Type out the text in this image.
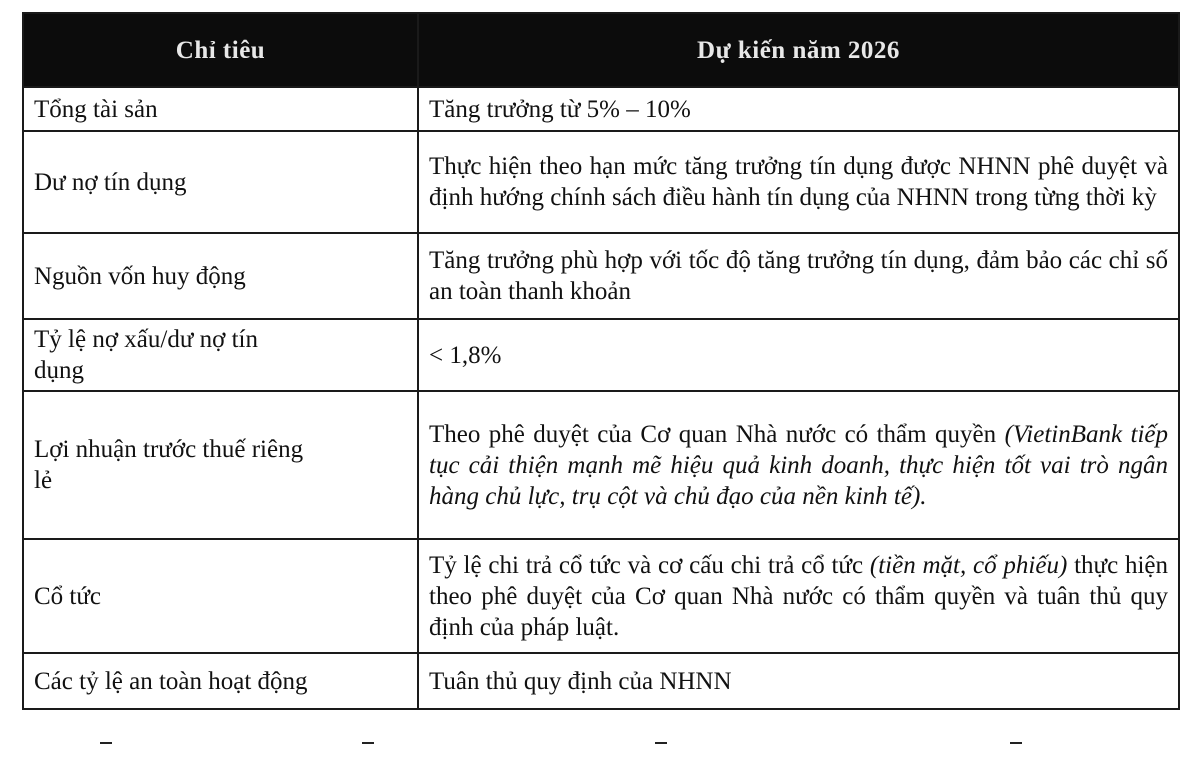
Chỉ tiêu	Dự kiến năm 2026
Tổng tài sản	Tăng trưởng từ 5% – 10%
Dư nợ tín dụng	Thực hiện theo hạn mức tăng trưởng tín dụng được NHNN phê duyệt và định hướng chính sách điều hành tín dụng của NHNN trong từng thời kỳ
Nguồn vốn huy động	Tăng trưởng phù hợp với tốc độ tăng trưởng tín dụng, đảm bảo các chỉ số an toàn thanh khoản
Tỷ lệ nợ xấu/dư nợ tín dụng	< 1,8%
Lợi nhuận trước thuế riêng lẻ	Theo phê duyệt của Cơ quan Nhà nước có thẩm quyền (VietinBank tiếp tục cải thiện mạnh mẽ hiệu quả kinh doanh, thực hiện tốt vai trò ngân hàng chủ lực, trụ cột và chủ đạo của nền kinh tế).
Cổ tức	Tỷ lệ chi trả cổ tức và cơ cấu chi trả cổ tức (tiền mặt, cổ phiếu) thực hiện theo phê duyệt của Cơ quan Nhà nước có thẩm quyền và tuân thủ quy định của pháp luật.
Các tỷ lệ an toàn hoạt động	Tuân thủ quy định của NHNN
